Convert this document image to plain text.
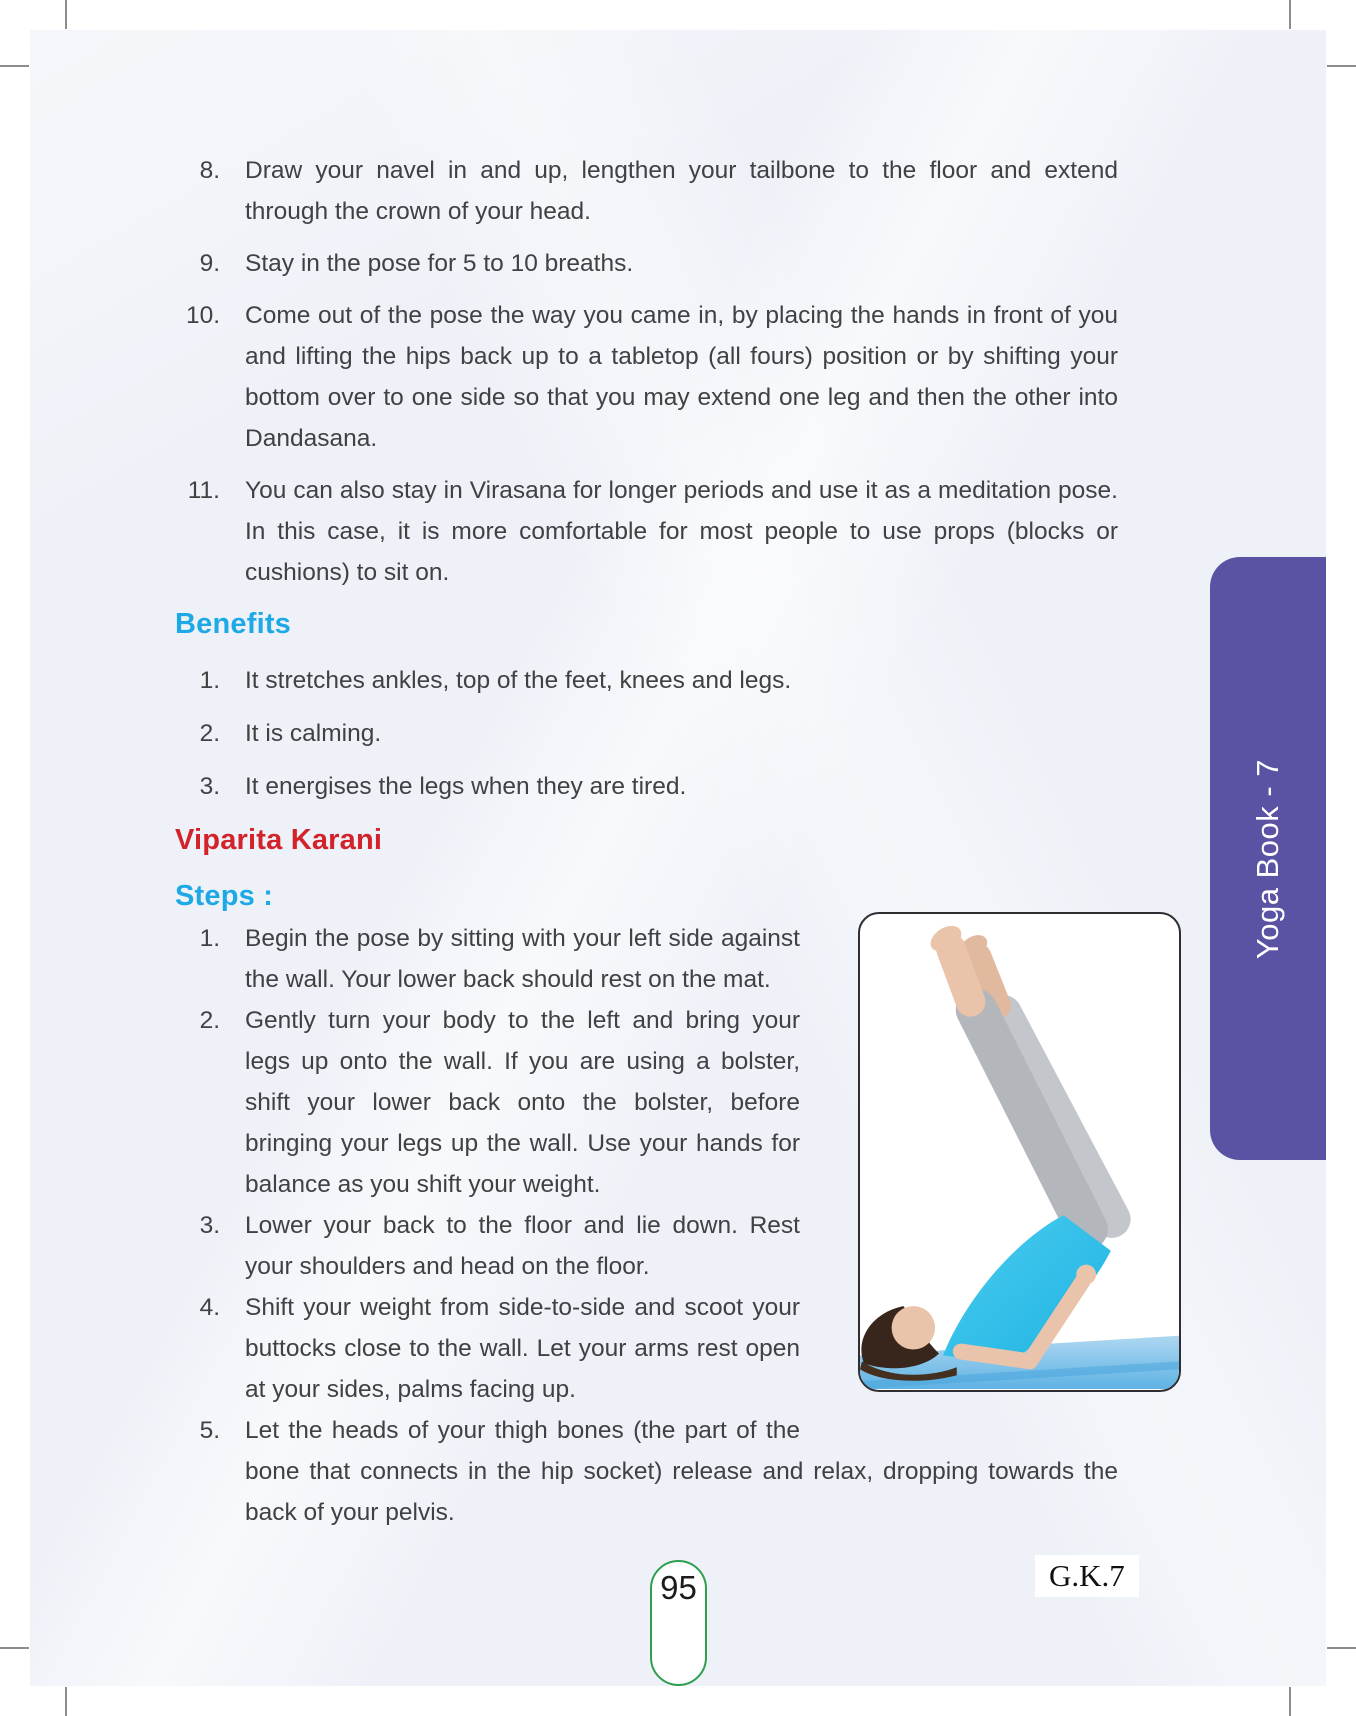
8. Draw your navel in and up, lengthen your tailbone to the floor and extend through the crown of your head.
9. Stay in the pose for 5 to 10 breaths.
10. Come out of the pose the way you came in, by placing the hands in front of you and lifting the hips back up to a tabletop (all fours) position or by shifting your bottom over to one side so that you may extend one leg and then the other into Dandasana.
11. You can also stay in Virasana for longer periods and use it as a meditation pose. In this case, it is more comfortable for most people to use props (blocks or cushions) to sit on.
Benefits
1. It stretches ankles, top of the feet, knees and legs.
2. It is calming.
3. It energises the legs when they are tired.
Viparita Karani
Steps :
1. Begin the pose by sitting with your left side against the wall. Your lower back should rest on the mat.
2. Gently turn your body to the left and bring your legs up onto the wall. If you are using a bolster, shift your lower back onto the bolster, before bringing your legs up the wall. Use your hands for balance as you shift your weight.
3. Lower your back to the floor and lie down. Rest your shoulders and head on the floor.
4. Shift your weight from side-to-side and scoot your buttocks close to the wall. Let your arms rest open at your sides, palms facing up.
5. Let the heads of your thigh bones (the part of the bone that connects in the hip socket) release and relax, dropping towards the back of your pelvis.
Yoga Book - 7
95	G.K.7
